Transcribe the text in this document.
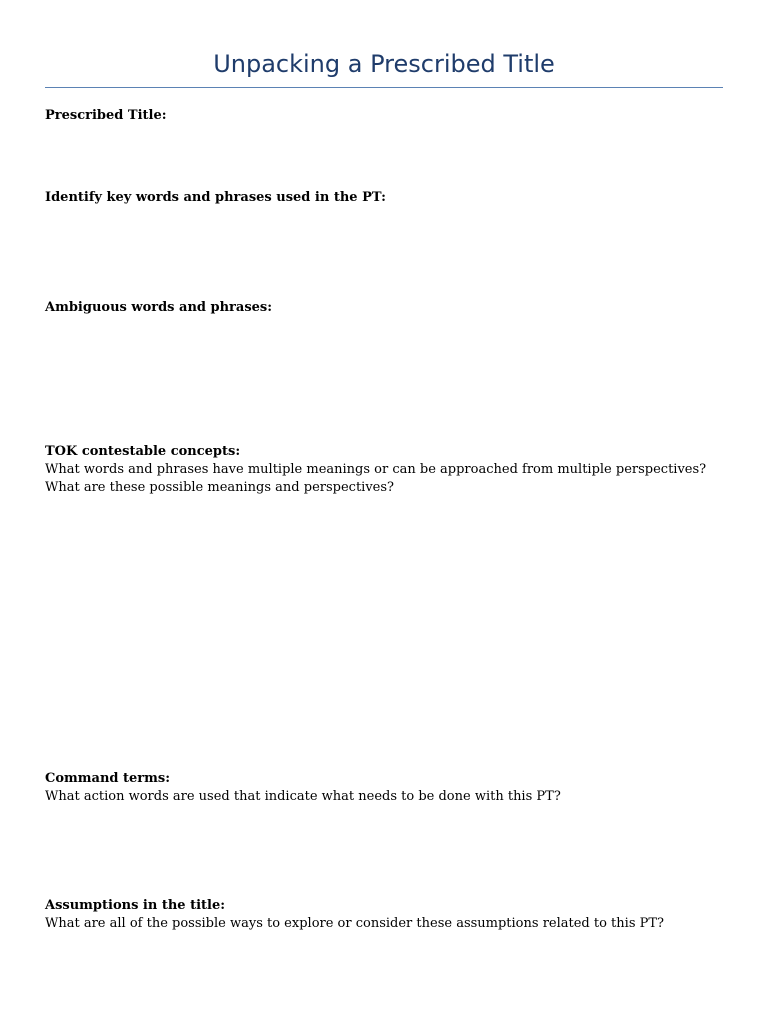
Unpacking a Prescribed Title
Prescribed Title:
Identify key words and phrases used in the PT:
Ambiguous words and phrases:
TOK contestable concepts:
What words and phrases have multiple meanings or can be approached from multiple perspectives?
What are these possible meanings and perspectives?
Command terms:
What action words are used that indicate what needs to be done with this PT?
Assumptions in the title:
What are all of the possible ways to explore or consider these assumptions related to this PT?
